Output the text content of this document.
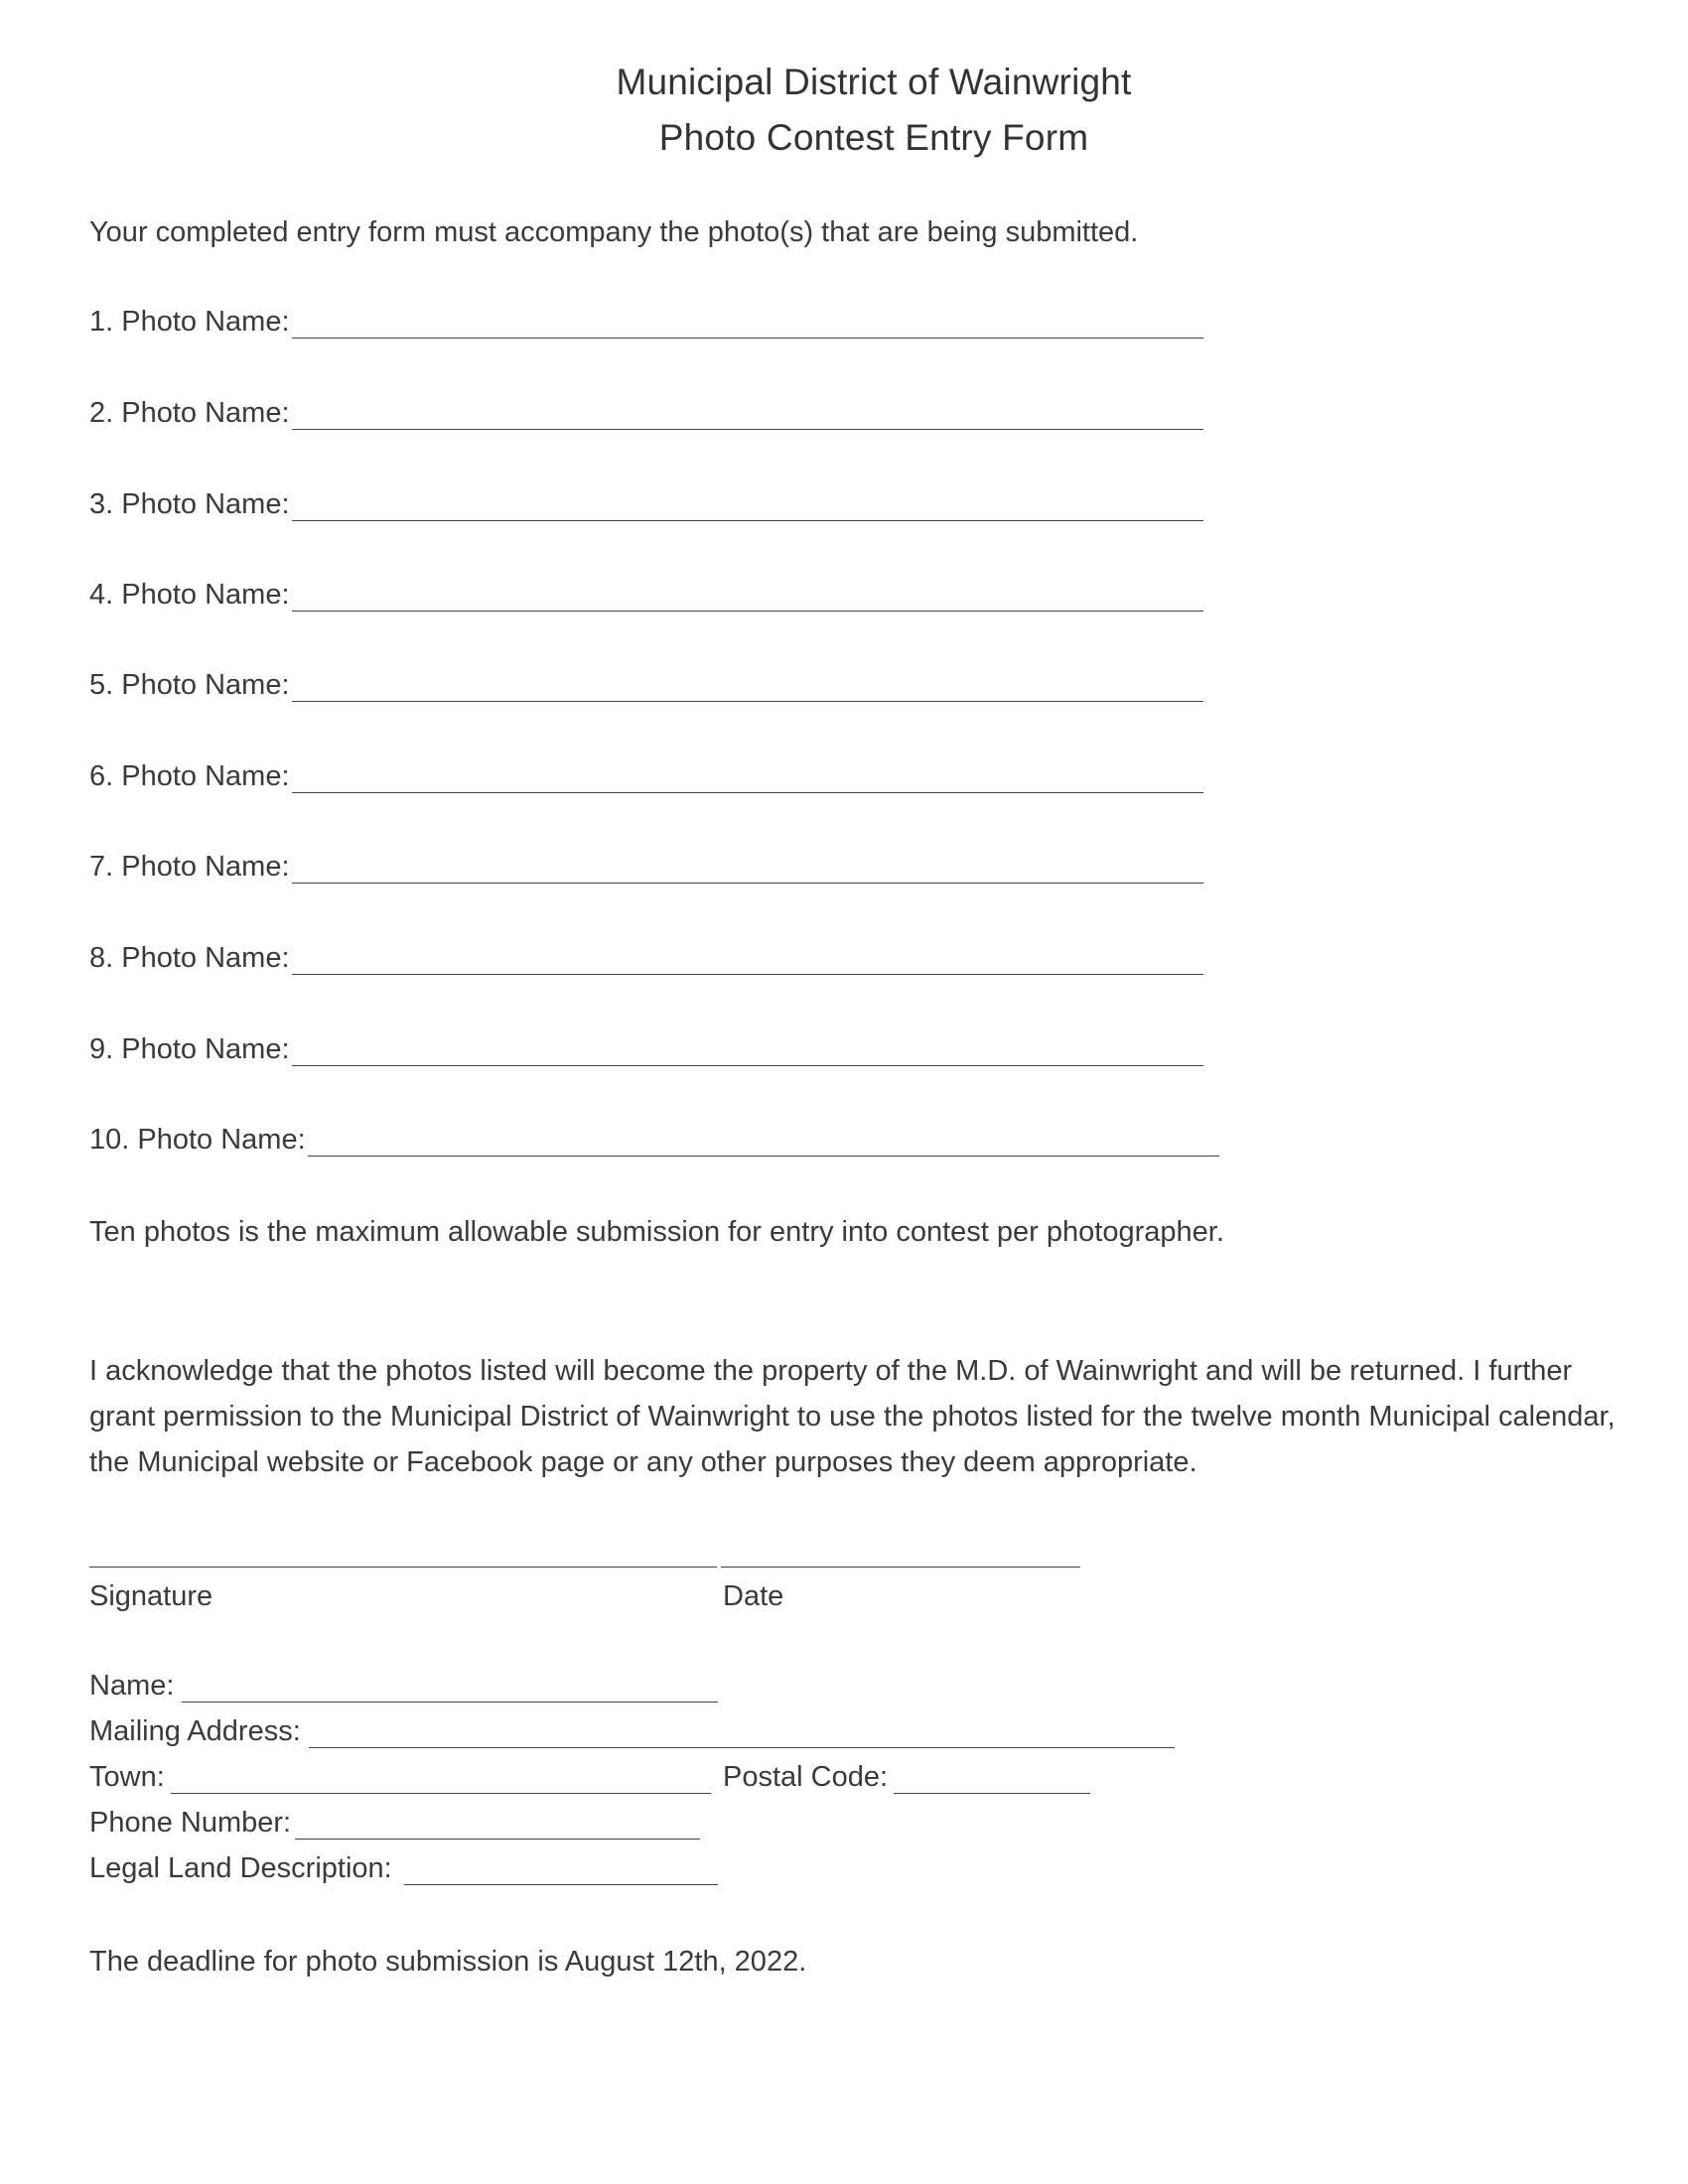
Municipal District of Wainwright
Photo Contest Entry Form
Your completed entry form must accompany the photo(s) that are being submitted.
1. Photo Name:
2. Photo Name:
3. Photo Name:
4. Photo Name:
5. Photo Name:
6. Photo Name:
7. Photo Name:
8. Photo Name:
9. Photo Name:
10. Photo Name:
Ten photos is the maximum allowable submission for entry into contest per photographer.
I acknowledge that the photos listed will become the property of the M.D. of Wainwright and will be returned. I further grant permission to the Municipal District of Wainwright to use the photos listed for the twelve month Municipal calendar, the Municipal website or Facebook page or any other purposes they deem appropriate.
Signature	Date
Name:
Mailing Address:
Town:	Postal Code:
Phone Number:
Legal Land Description:
The deadline for photo submission is August 12th, 2022.
